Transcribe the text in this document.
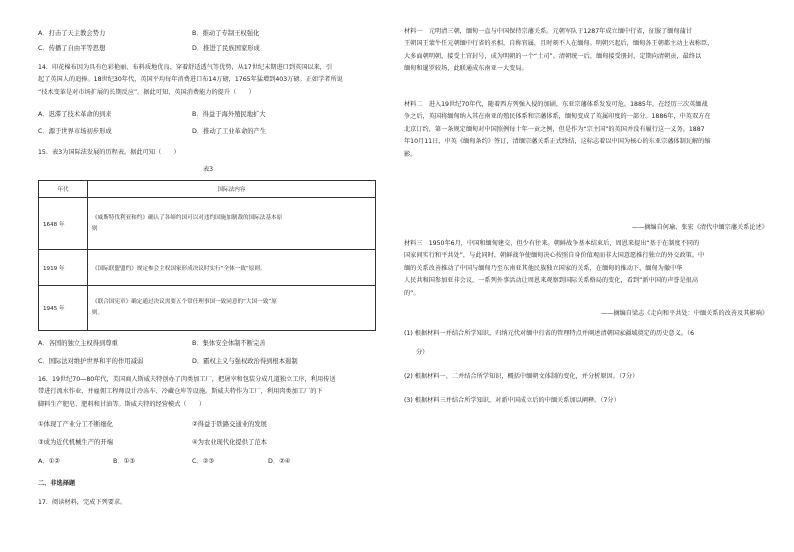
A．打击了天主教会势力	B．推动了专制王权强化
C．传播了自由平等思想	D．推进了民族国家形成
14．印花棉布因为具有色彩艳丽、布料质地优良、穿着舒适透气等优势，从17世纪末期进口到英国以来，引
起了英国人的追捧。18世纪30年代，英国平均每年消费进口布14万磅，1765年猛增到403万磅。正如学者所说
“技术变革是对市场扩展的长期反应”。据此可知，英国消费能力的提升（　　）
A．迟滞了技术革命的到来	B．得益于海外殖民地扩大
C．源于世界市场初步形成	D．推动了工业革命的产生
15．表3为国际法发展的历程表。据此可知（　　）
表3
年代	国际法内容
1648 年	《威斯特伐利亚和约》确认了各缔约国可以对违约国施加制裁的国际法基本原
则

1919 年	《国际联盟盟约》规定参会主权国家形成决议时实行“全体一致”原则。

1945 年	《联合国宪章》确定通过决议需要五个常任理事国一致同意的“大国一致”原
则。
A．各国的独立主权得到尊重	B．集体安全体制不断完善
C．国际法对维护世界和平的作用减弱	D．霸权主义与强权政治得到根本遏制
16．19世纪70—80年代，美国商人斯威夫特创办了肉类加工厂，把屠宰和包装分成几道独立工序，利用传送
带进行流水作业，并雇佣工程师设计冷冻车、冷藏仓库等设施。斯威夫特作为工厂，利用肉类加工厂的下
脚料生产肥皂、肥料和甘油等。斯威夫特的经营模式（　　）
①体现了产业分工不断细化	②得益于铁路交通业的发展
③成为近代机械生产的开端	④为农业现代化提供了范本
A．①②	B．①③	C．②③	D．②④
二、非选择题
17．阅读材料，完成下列要求。
材料一　元明清三朝，缅甸一直与中国保持宗藩关系。元朝军队于1287年成立缅中行省，征服了缅甸蒲甘
王朝国王蒙牛任元朝缅中行省的丞相，自称官属，且时刻不人在缅甸。明朝兴起后，缅甸各王朝都主动上表称臣，
大多面朝明朝，接受土官封号，成为明朝的一个“土司”。清朝统一后，缅甸接受册封，定期向清朝贡，最终以
缅甸和暹罗较场，此联通成东南亚一大变局。
材料二　进入19世纪70年代，随着西方列强入侵的加剧，东亚宗藩体系发发可危。1885年，在经历三次英缅战
争之后，英国将缅甸纳入其在南亚的殖民体系和宗藩体系，缅甸变成了英属印度的一部分。1886年，中英双方在
北京订约，第一条规定缅甸对中国照例每十年一贡之例，但是作为“宗主国”的英国并没有履行这一义务。1887
年10月11日，中英《缅甸条约》签订，清缅宗藩关系正式终结，这标志着以中国为核心的东亚宗藩体制瓦解的缩
影。
——摘编自何瑜、张宏《清代中缅宗藩关系论述》
材料三　1950年6月，中国和缅甸建交，但少有往来。朝鲜战争基本结束后，周恩来提出“基于在制度不同的
国家间实行和平共处”，与此同时，朝鲜战争使缅甸决心按照自身价值观而非大国意愿推行独立的外交政策。中
缅的关系改善推动了中国与缅甸乃至东南亚其他民族独立国家的关系，在缅甸的推动下，缅甸为撤中华
人民共和国参加亚非会议，一系列外事活动让周恩来观察到国际关系格局的变化，看到“新中国的声誉是很高
的”。
——摘编自梁志《走向和平共处：中缅关系的改善及其影响》
(1) 根据材料一并结合所学知识，归纳元代对缅中行省的管理特点并阐述清朝国家疆域奠定的历史意义。（6
分）
(2) 根据材料一、二并结合所学知识，概括中缅朝文体制的变化，并分析原因。（7分）
(3) 根据材料三并结合所学知识，对新中国成立后的中缅关系加以阐释。（7分）
